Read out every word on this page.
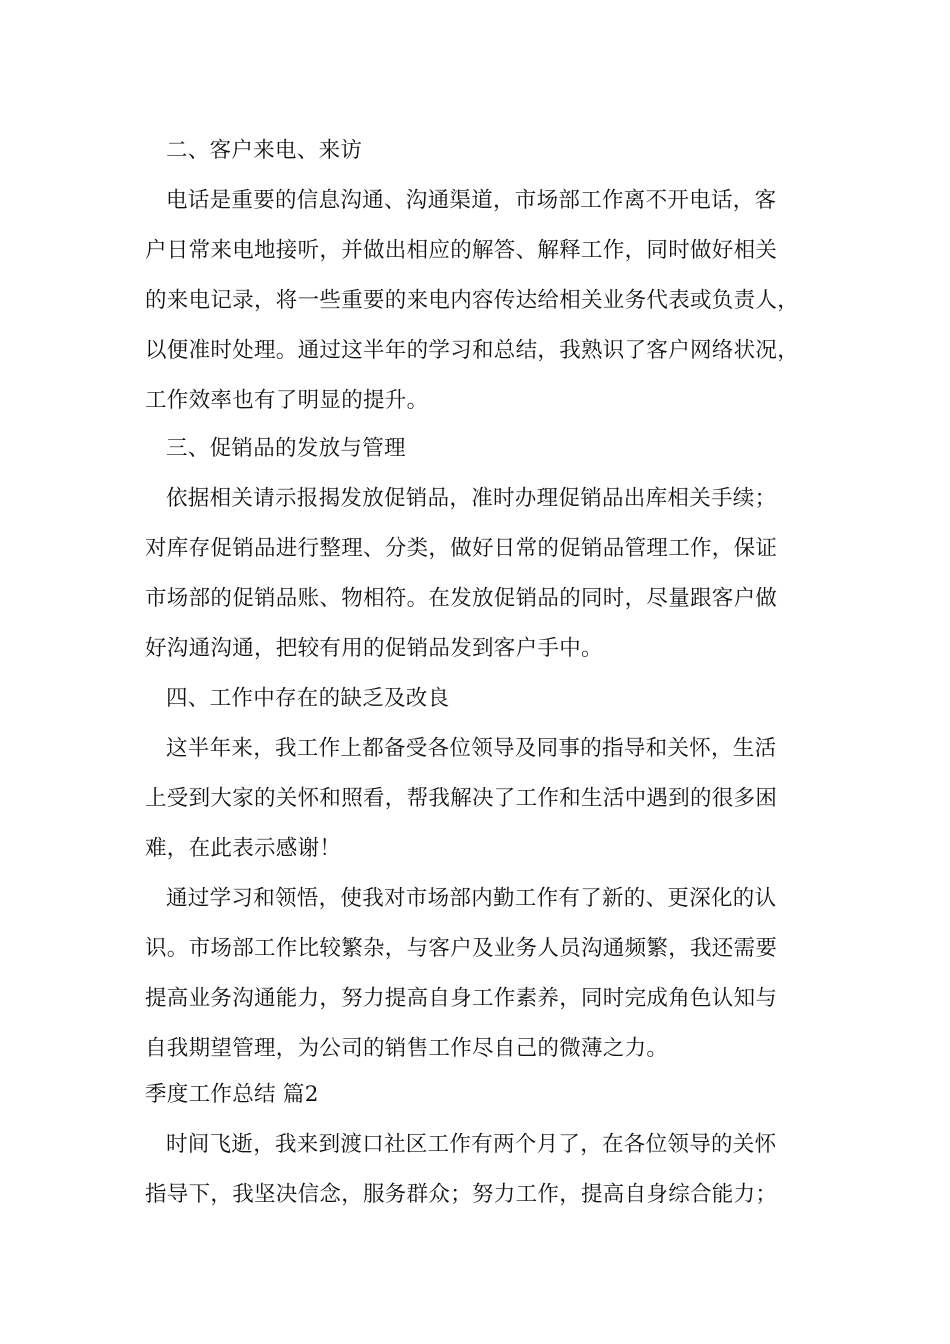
二、客户来电、来访
电话是重要的信息沟通、沟通渠道，市场部工作离不开电话，客
户日常来电地接听，并做出相应的解答、解释工作，同时做好相关
的来电记录，将一些重要的来电内容传达给相关业务代表或负责人，
以便准时处理。通过这半年的学习和总结，我熟识了客户网络状况，
工作效率也有了明显的提升。
三、促销品的发放与管理
依据相关请示报揭发放促销品，准时办理促销品出库相关手续；
对库存促销品进行整理、分类，做好日常的促销品管理工作，保证
市场部的促销品账、物相符。在发放促销品的同时，尽量跟客户做
好沟通沟通，把较有用的促销品发到客户手中。
四、工作中存在的缺乏及改良
这半年来，我工作上都备受各位领导及同事的指导和关怀，生活
上受到大家的关怀和照看，帮我解决了工作和生活中遇到的很多困
难，在此表示感谢！
通过学习和领悟，使我对市场部内勤工作有了新的、更深化的认
识。市场部工作比较繁杂，与客户及业务人员沟通频繁，我还需要
提高业务沟通能力，努力提高自身工作素养，同时完成角色认知与
自我期望管理，为公司的销售工作尽自己的微薄之力。
季度工作总结 篇2
时间飞逝，我来到渡口社区工作有两个月了，在各位领导的关怀
指导下，我坚决信念，服务群众；努力工作，提高自身综合能力；
